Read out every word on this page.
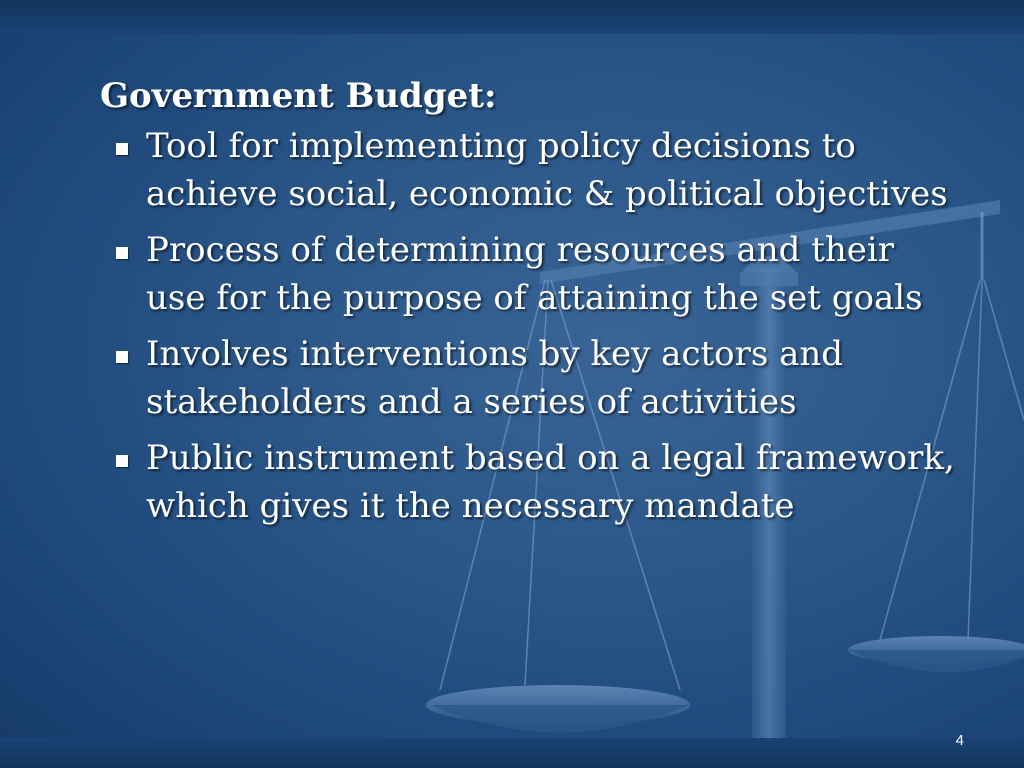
Government Budget:
Tool for implementing policy decisions to achieve social, economic & political objectives
Process of determining resources and their use for the purpose of attaining the set goals
Involves interventions by key actors and stakeholders and a series of activities
Public instrument based on a legal framework, which gives it the necessary mandate
4
